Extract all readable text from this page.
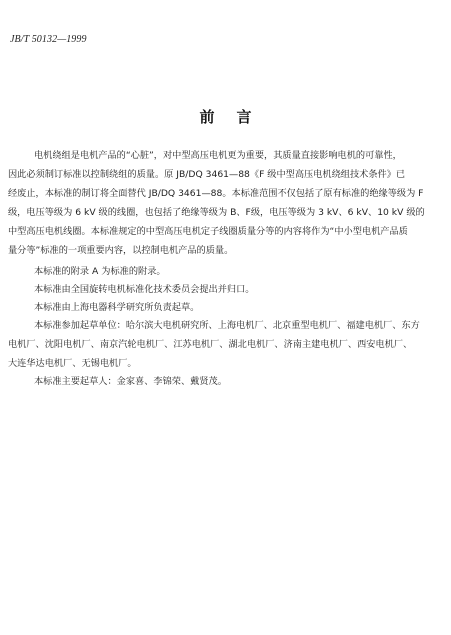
JB/T 50132—1999
前言
电机绕组是电机产品的“心脏”，对中型高压电机更为重要，其质量直接影响电机的可靠性，
因此必须制订标准以控制绕组的质量。原 JB/DQ 3461—88《F 级中型高压电机绕组技术条件》已
经废止，本标准的制订将全面替代 JB/DQ 3461—88。本标准范围不仅包括了原有标准的绝缘等级为 F
级，电压等级为 6 kV 级的线圈，也包括了绝缘等级为 B、F级，电压等级为 3 kV、6 kV、10 kV 级的
中型高压电机线圈。本标准规定的中型高压电机定子线圈质量分等的内容将作为“中小型电机产品质
量分等”标准的一项重要内容，以控制电机产品的质量。
本标准的附录 A 为标准的附录。
本标准由全国旋转电机标准化技术委员会提出并归口。
本标准由上海电器科学研究所负责起草。
本标准参加起草单位：哈尔滨大电机研究所、上海电机厂、北京重型电机厂、福建电机厂、东方
电机厂、沈阳电机厂、南京汽轮电机厂、江苏电机厂、湖北电机厂、济南主建电机厂、西安电机厂、
大连华达电机厂、无锡电机厂。
本标准主要起草人：金家喜、李锦荣、戴贤茂。
